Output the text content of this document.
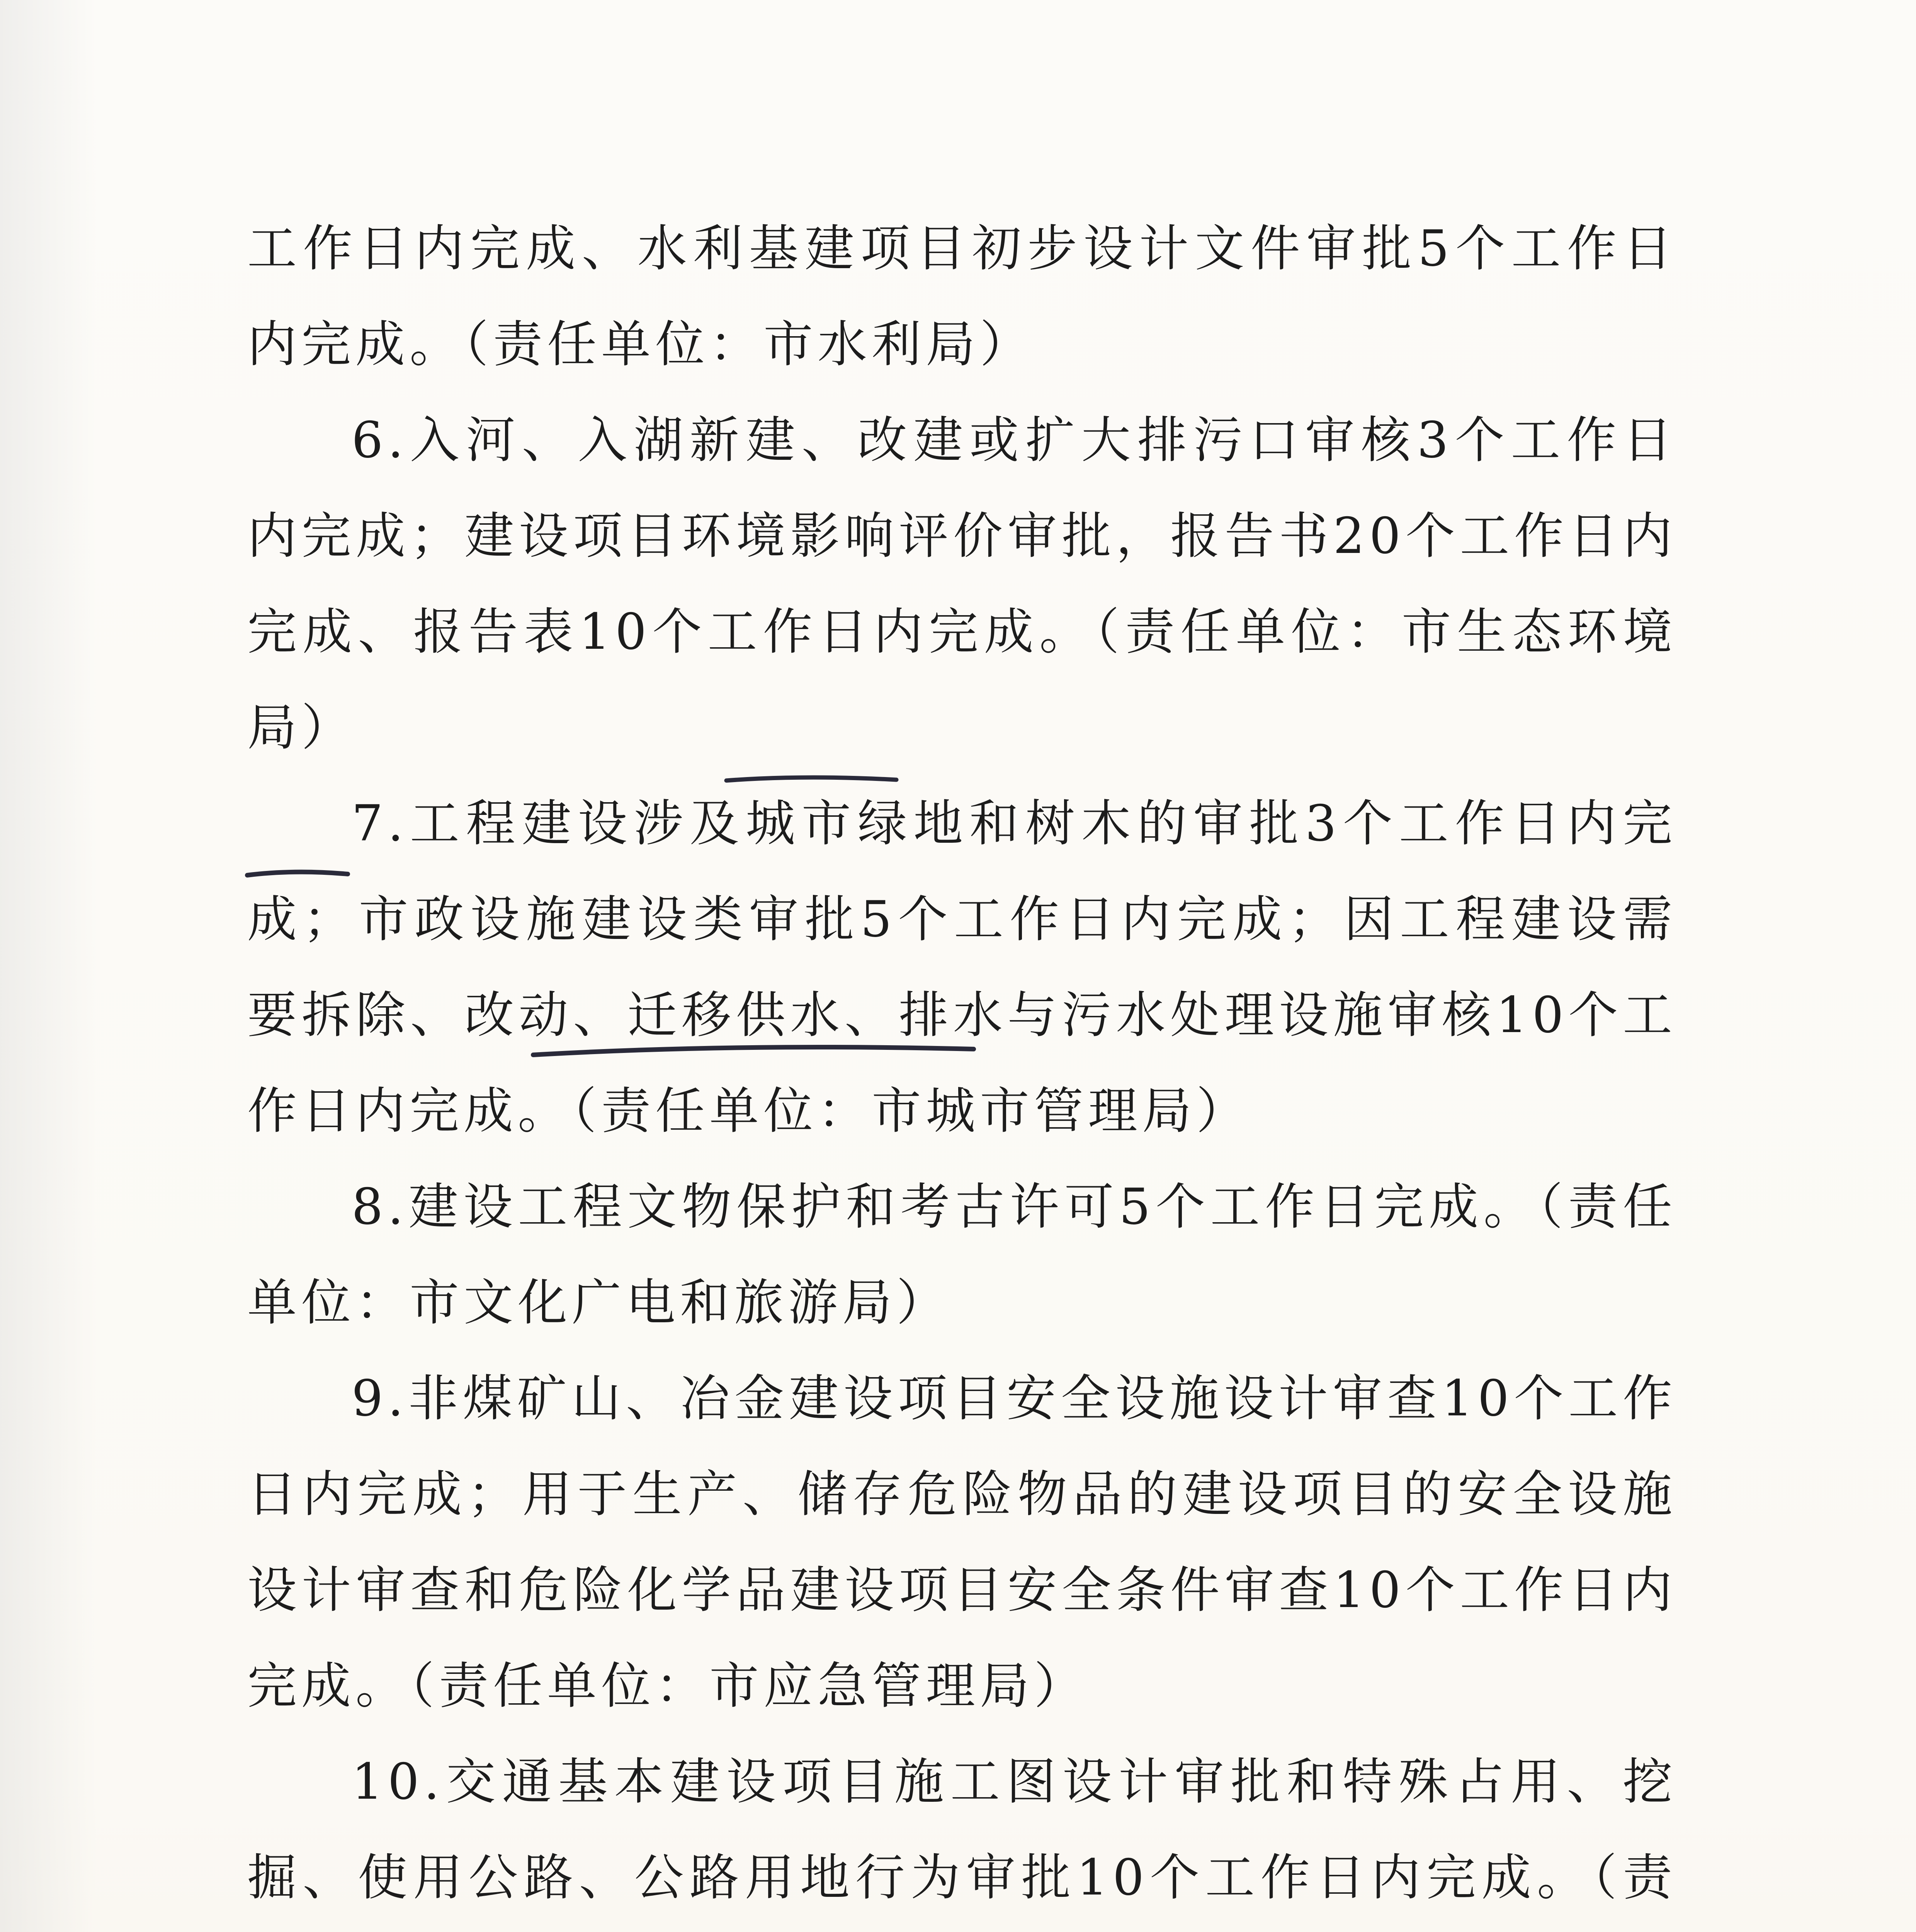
工作日内完成、水利基建项目初步设计文件审批5个工作日内完成。（责任单位：市水利局）

6.入河、入湖新建、改建或扩大排污口审核3个工作日内完成；建设项目环境影响评价审批，报告书20个工作日内完成、报告表10个工作日内完成。（责任单位：市生态环境局）

7.工程建设涉及城市绿地和树木的审批3个工作日内完成；市政设施建设类审批5个工作日内完成；因工程建设需要拆除、改动、迁移供水、排水与污水处理设施审核10个工作日内完成。（责任单位：市城市管理局）

8.建设工程文物保护和考古许可5个工作日完成。（责任单位：市文化广电和旅游局）

9.非煤矿山、冶金建设项目安全设施设计审查10个工作日内完成；用于生产、储存危险物品的建设项目的安全设施设计审查和危险化学品建设项目安全条件审查10个工作日内完成。（责任单位：市应急管理局）

10.交通基本建设项目施工图设计审批和特殊占用、挖掘、使用公路、公路用地行为审批10个工作日内完成。（责
